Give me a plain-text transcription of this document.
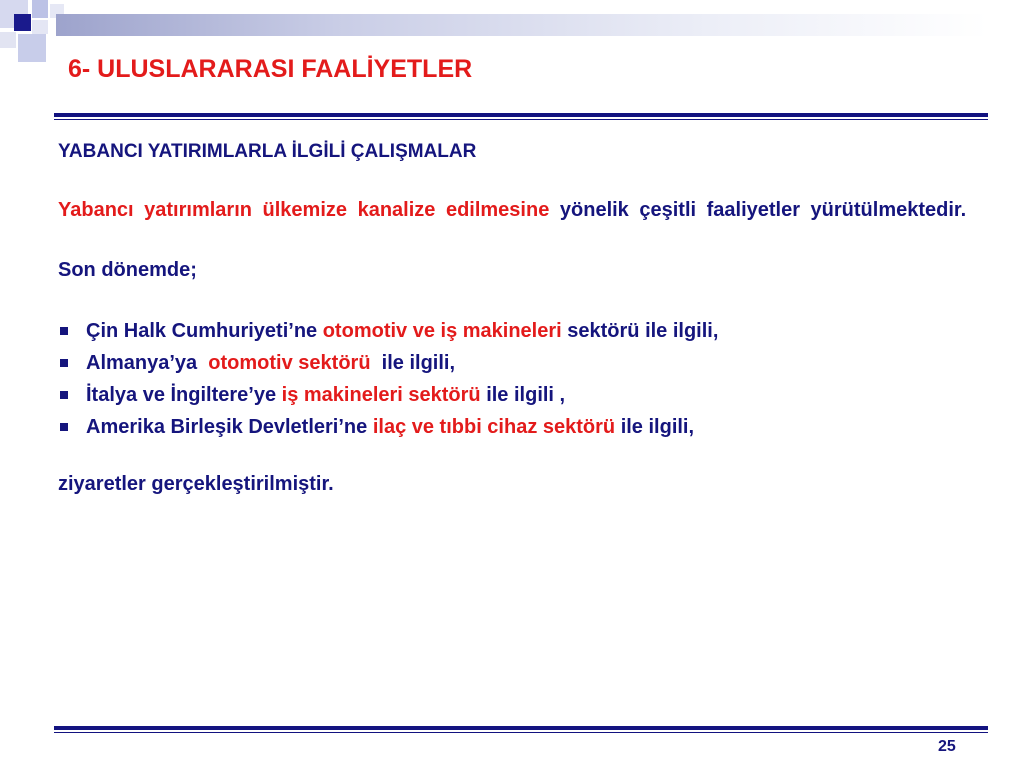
6- ULUSLARARASI FAALİYETLER
YABANCI YATIRIMLARLA İLGİLİ ÇALIŞMALAR
Yabancı yatırımların ülkemize kanalize edilmesine yönelik çeşitli faaliyetler yürütülmektedir.
Son dönemde;
Çin Halk Cumhuriyeti’ne otomotiv ve iş makineleri sektörü ile ilgili,
Almanya’ya  otomotiv sektörü  ile ilgili,
İtalya ve İngiltere’ye iş makineleri sektörü ile ilgili ,
Amerika Birleşik Devletleri’ne ilaç ve tıbbi cihaz sektörü ile ilgili,
ziyaretler gerçekleştirilmiştir.
25
